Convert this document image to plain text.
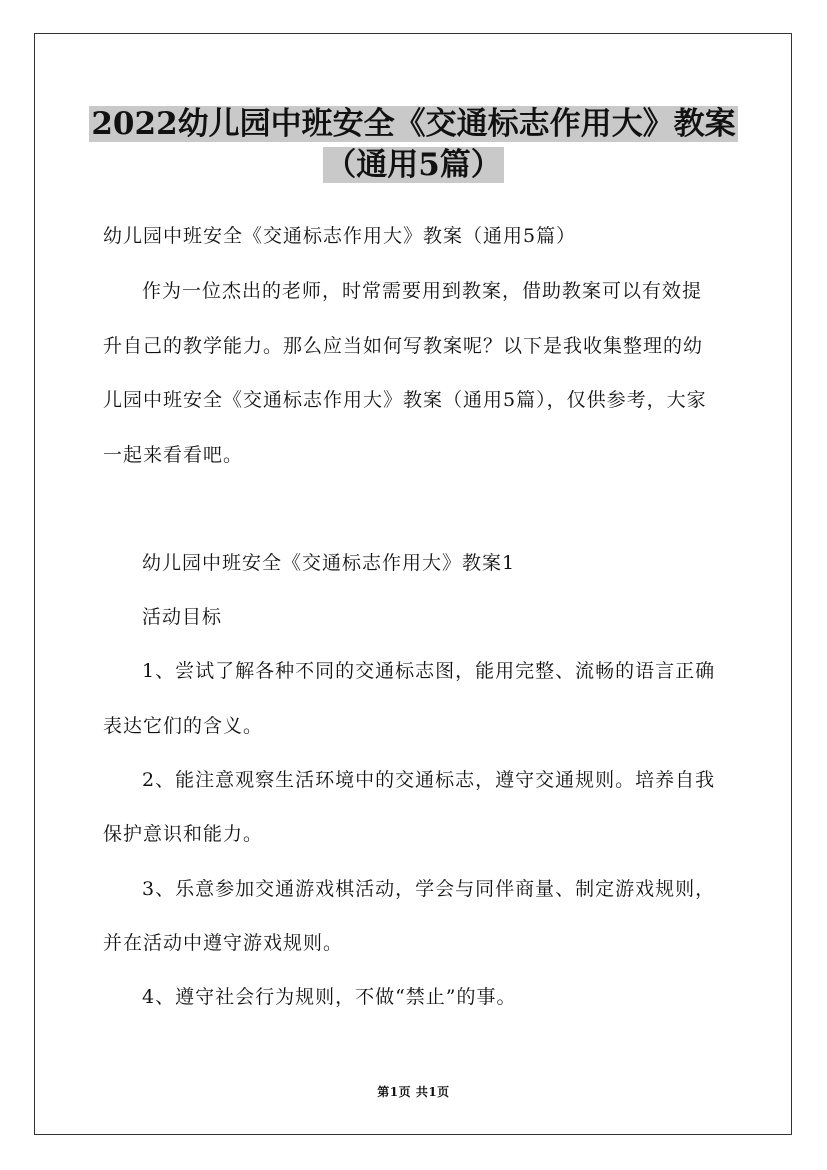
2022幼儿园中班安全《交通标志作用大》教案
（通用5篇）
幼儿园中班安全《交通标志作用大》教案（通用5篇）
作为一位杰出的老师，时常需要用到教案，借助教案可以有效提
升自己的教学能力。那么应当如何写教案呢？以下是我收集整理的幼
儿园中班安全《交通标志作用大》教案（通用5篇），仅供参考，大家
一起来看看吧。
幼儿园中班安全《交通标志作用大》教案1
活动目标
1、尝试了解各种不同的交通标志图，能用完整、流畅的语言正确
表达它们的含义。
2、能注意观察生活环境中的交通标志，遵守交通规则。培养自我
保护意识和能力。
3、乐意参加交通游戏棋活动，学会与同伴商量、制定游戏规则，
并在活动中遵守游戏规则。
4、遵守社会行为规则，不做“禁止”的事。
第1页 共1页
